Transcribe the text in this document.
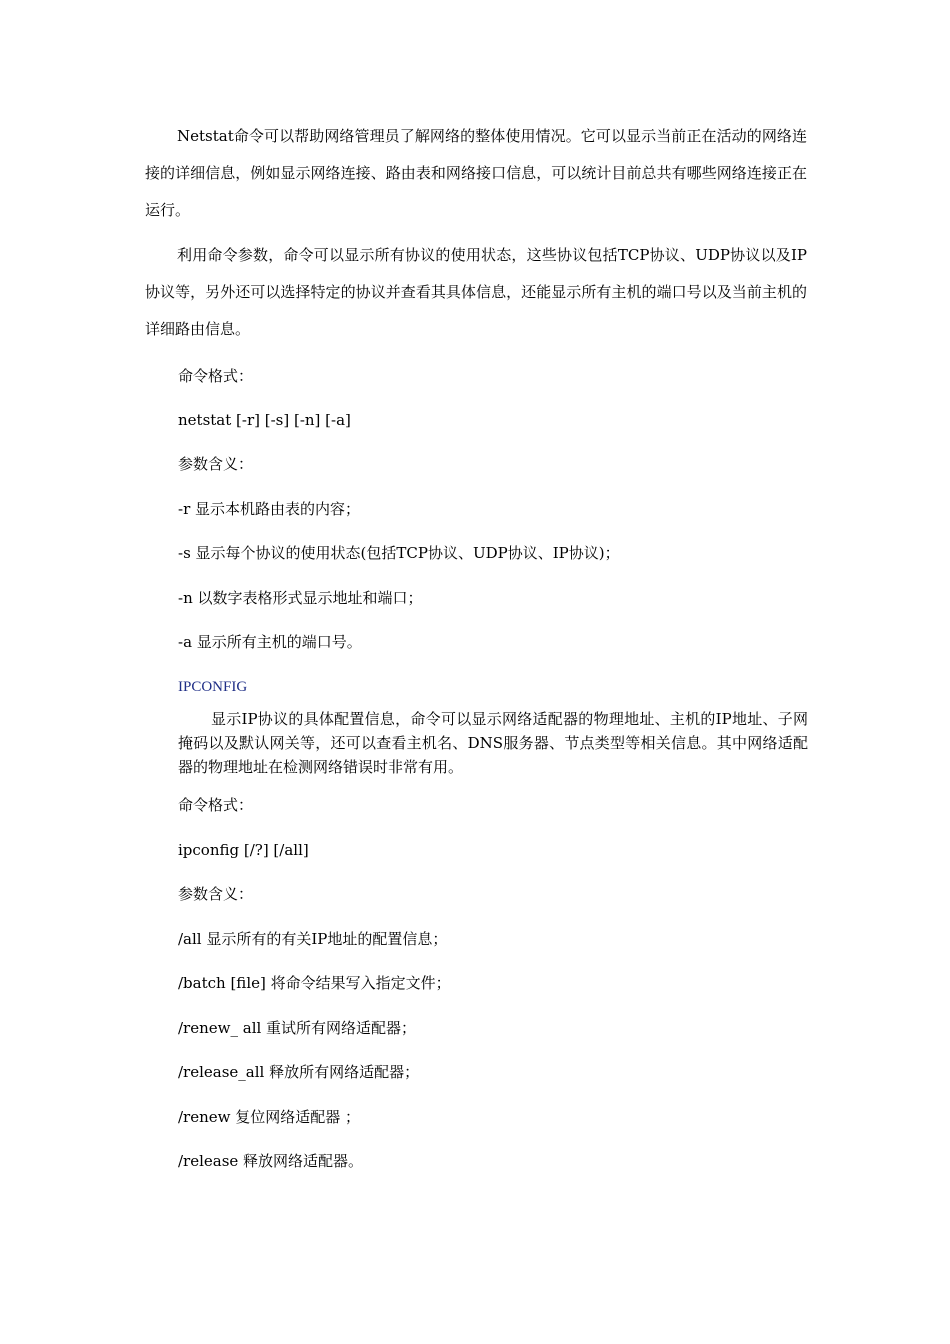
Netstat命令可以帮助网络管理员了解网络的整体使用情况。它可以显示当前正在活动的网络连接的详细信息，例如显示网络连接、路由表和网络接口信息，可以统计目前总共有哪些网络连接正在运行。

利用命令参数，命令可以显示所有协议的使用状态，这些协议包括TCP协议、UDP协议以及IP协议等，另外还可以选择特定的协议并查看其具体信息，还能显示所有主机的端口号以及当前主机的详细路由信息。

命令格式：

netstat [-r] [-s] [-n] [-a]

参数含义：

-r 显示本机路由表的内容；

-s 显示每个协议的使用状态(包括TCP协议、UDP协议、IP协议)；

-n 以数字表格形式显示地址和端口；

-a 显示所有主机的端口号。

IPCONFIG

显示IP协议的具体配置信息，命令可以显示网络适配器的物理地址、主机的IP地址、子网掩码以及默认网关等，还可以查看主机名、DNS服务器、节点类型等相关信息。其中网络适配器的物理地址在检测网络错误时非常有用。

命令格式：

ipconfig [/?] [/all]

参数含义：

/all 显示所有的有关IP地址的配置信息；

/batch [file] 将命令结果写入指定文件；

/renew_ all 重试所有网络适配器；

/release_all 释放所有网络适配器；

/renew 复位网络适配器 ；

/release 释放网络适配器。
